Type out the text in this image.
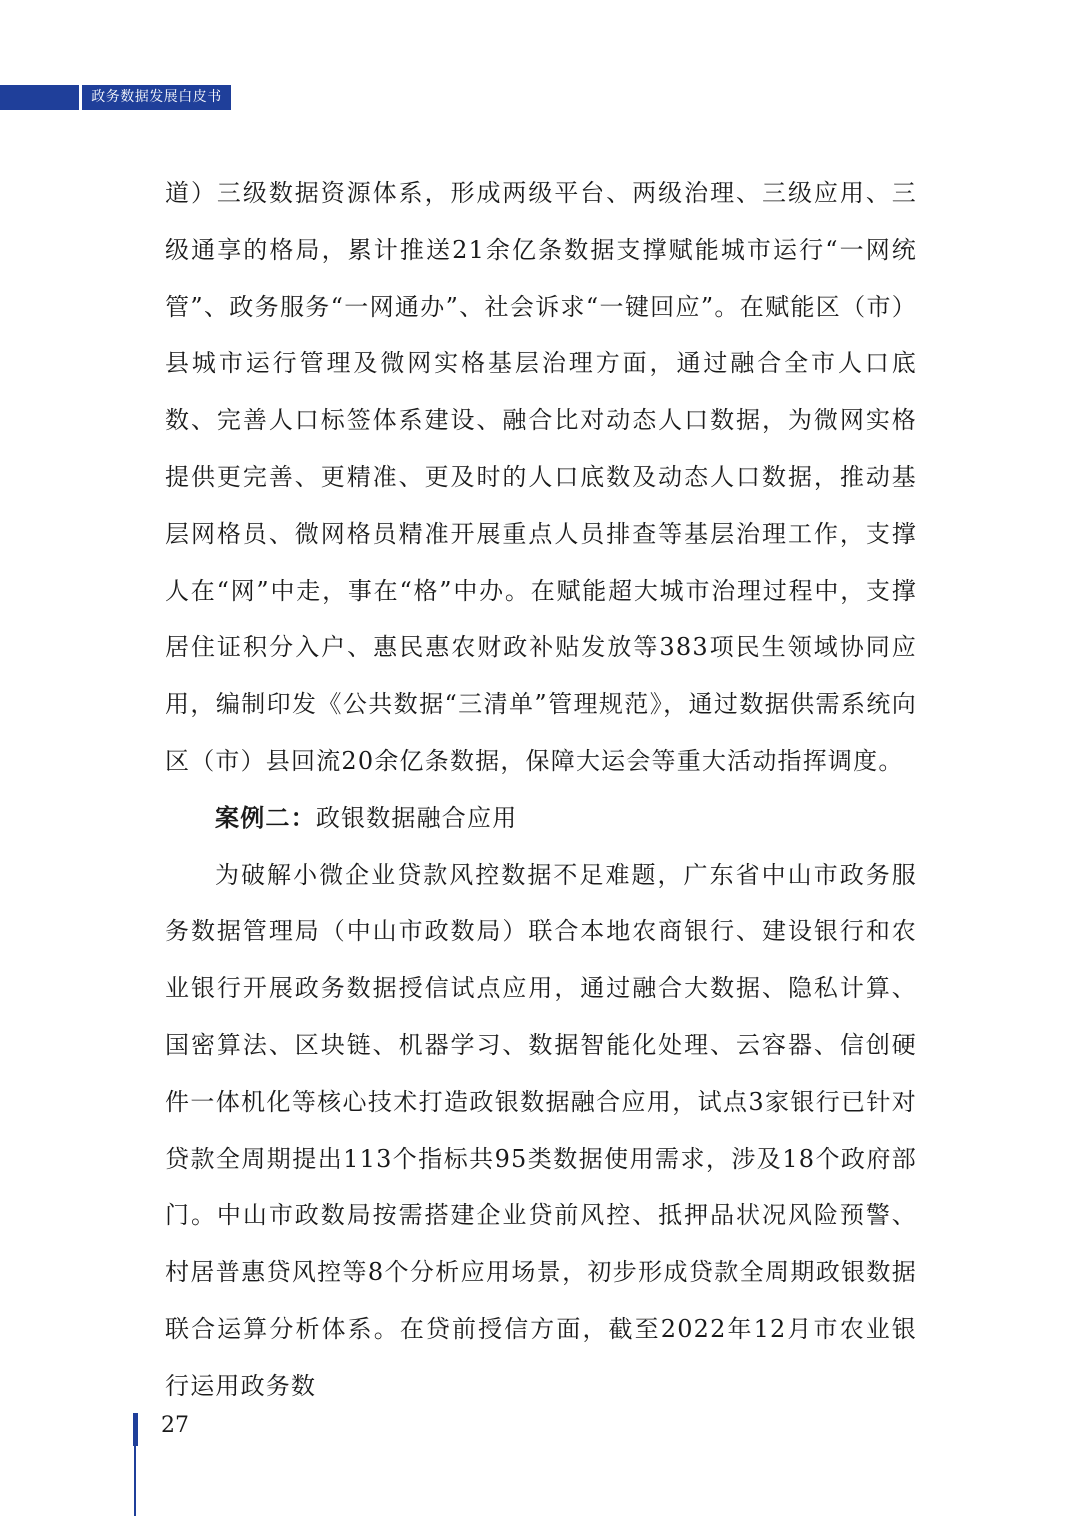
政务数据发展白皮书

道）三级数据资源体系，形成两级平台、两级治理、三级应用、三级通享的格局，累计推送21余亿条数据支撑赋能城市运行“一网统管”、政务服务“一网通办”、社会诉求“一键回应”。在赋能区（市）县城市运行管理及微网实格基层治理方面，通过融合全市人口底数、完善人口标签体系建设、融合比对动态人口数据，为微网实格提供更完善、更精准、更及时的人口底数及动态人口数据，推动基层网格员、微网格员精准开展重点人员排查等基层治理工作，支撑人在“网”中走，事在“格”中办。在赋能超大城市治理过程中，支撑居住证积分入户、惠民惠农财政补贴发放等383项民生领域协同应用，编制印发《公共数据“三清单”管理规范》，通过数据供需系统向区（市）县回流20余亿条数据，保障大运会等重大活动指挥调度。

案例二：政银数据融合应用

为破解小微企业贷款风控数据不足难题，广东省中山市政务服务数据管理局（中山市政数局）联合本地农商银行、建设银行和农业银行开展政务数据授信试点应用，通过融合大数据、隐私计算、国密算法、区块链、机器学习、数据智能化处理、云容器、信创硬件一体机化等核心技术打造政银数据融合应用，试点3家银行已针对贷款全周期提出113个指标共95类数据使用需求，涉及18个政府部门。中山市政数局按需搭建企业贷前风控、抵押品状况风险预警、村居普惠贷风控等8个分析应用场景，初步形成贷款全周期政银数据联合运算分析体系。在贷前授信方面，截至2022年12月市农业银行运用政务数

27
